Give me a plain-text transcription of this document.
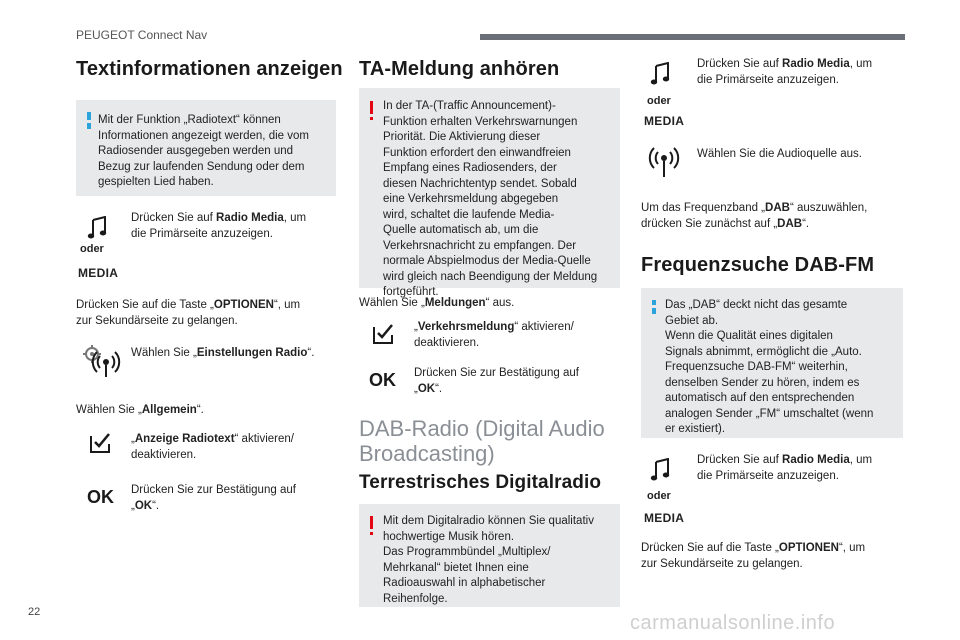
PEUGEOT Connect Nav
Textinformationen anzeigen
Mit der Funktion „Radiotext“ können
Informationen angezeigt werden, die vom
Radiosender ausgegeben werden und
Bezug zur laufenden Sendung oder dem
gespielten Lied haben.
oder
MEDIA
Drücken Sie auf Radio Media, um
die Primärseite anzuzeigen.
Drücken Sie auf die Taste „OPTIONEN“, um
zur Sekundärseite zu gelangen.
Wählen Sie „Einstellungen Radio“.
Wählen Sie „Allgemein“.
„Anzeige Radiotext“ aktivieren/
deaktivieren.
OK Drücken Sie zur Bestätigung auf
„OK“.
TA-Meldung anhören
In der TA-(Traffic Announcement)-
Funktion erhalten Verkehrswarnungen
Priorität. Die Aktivierung dieser
Funktion erfordert den einwandfreien
Empfang eines Radiosenders, der
diesen Nachrichtentyp sendet. Sobald
eine Verkehrsmeldung abgegeben
wird, schaltet die laufende Media-
Quelle automatisch ab, um die
Verkehrsnachricht zu empfangen. Der
normale Abspielmodus der Media-Quelle
wird gleich nach Beendigung der Meldung
fortgeführt.
Wählen Sie „Meldungen“ aus.
„Verkehrsmeldung“ aktivieren/
deaktivieren.
OK Drücken Sie zur Bestätigung auf
„OK“.
DAB-Radio (Digital Audio
Broadcasting)
Terrestrisches Digitalradio
Mit dem Digitalradio können Sie qualitativ
hochwertige Musik hören.
Das Programmbündel „Multiplex/
Mehrkanal“ bietet Ihnen eine
Radioauswahl in alphabetischer
Reihenfolge.
oder
MEDIA
Drücken Sie auf Radio Media, um
die Primärseite anzuzeigen.
Wählen Sie die Audioquelle aus.
Um das Frequenzband „DAB“ auszuwählen,
drücken Sie zunächst auf „DAB“.
Frequenzsuche DAB-FM
Das „DAB“ deckt nicht das gesamte
Gebiet ab.
Wenn die Qualität eines digitalen
Signals abnimmt, ermöglicht die „Auto.
Frequenzsuche DAB-FM“ weiterhin,
denselben Sender zu hören, indem es
automatisch auf den entsprechenden
analogen Sender „FM“ umschaltet (wenn
er existiert).
oder
MEDIA
Drücken Sie auf Radio Media, um
die Primärseite anzuzeigen.
Drücken Sie auf die Taste „OPTIONEN“, um
zur Sekundärseite zu gelangen.
22	carmanualsonline.info
